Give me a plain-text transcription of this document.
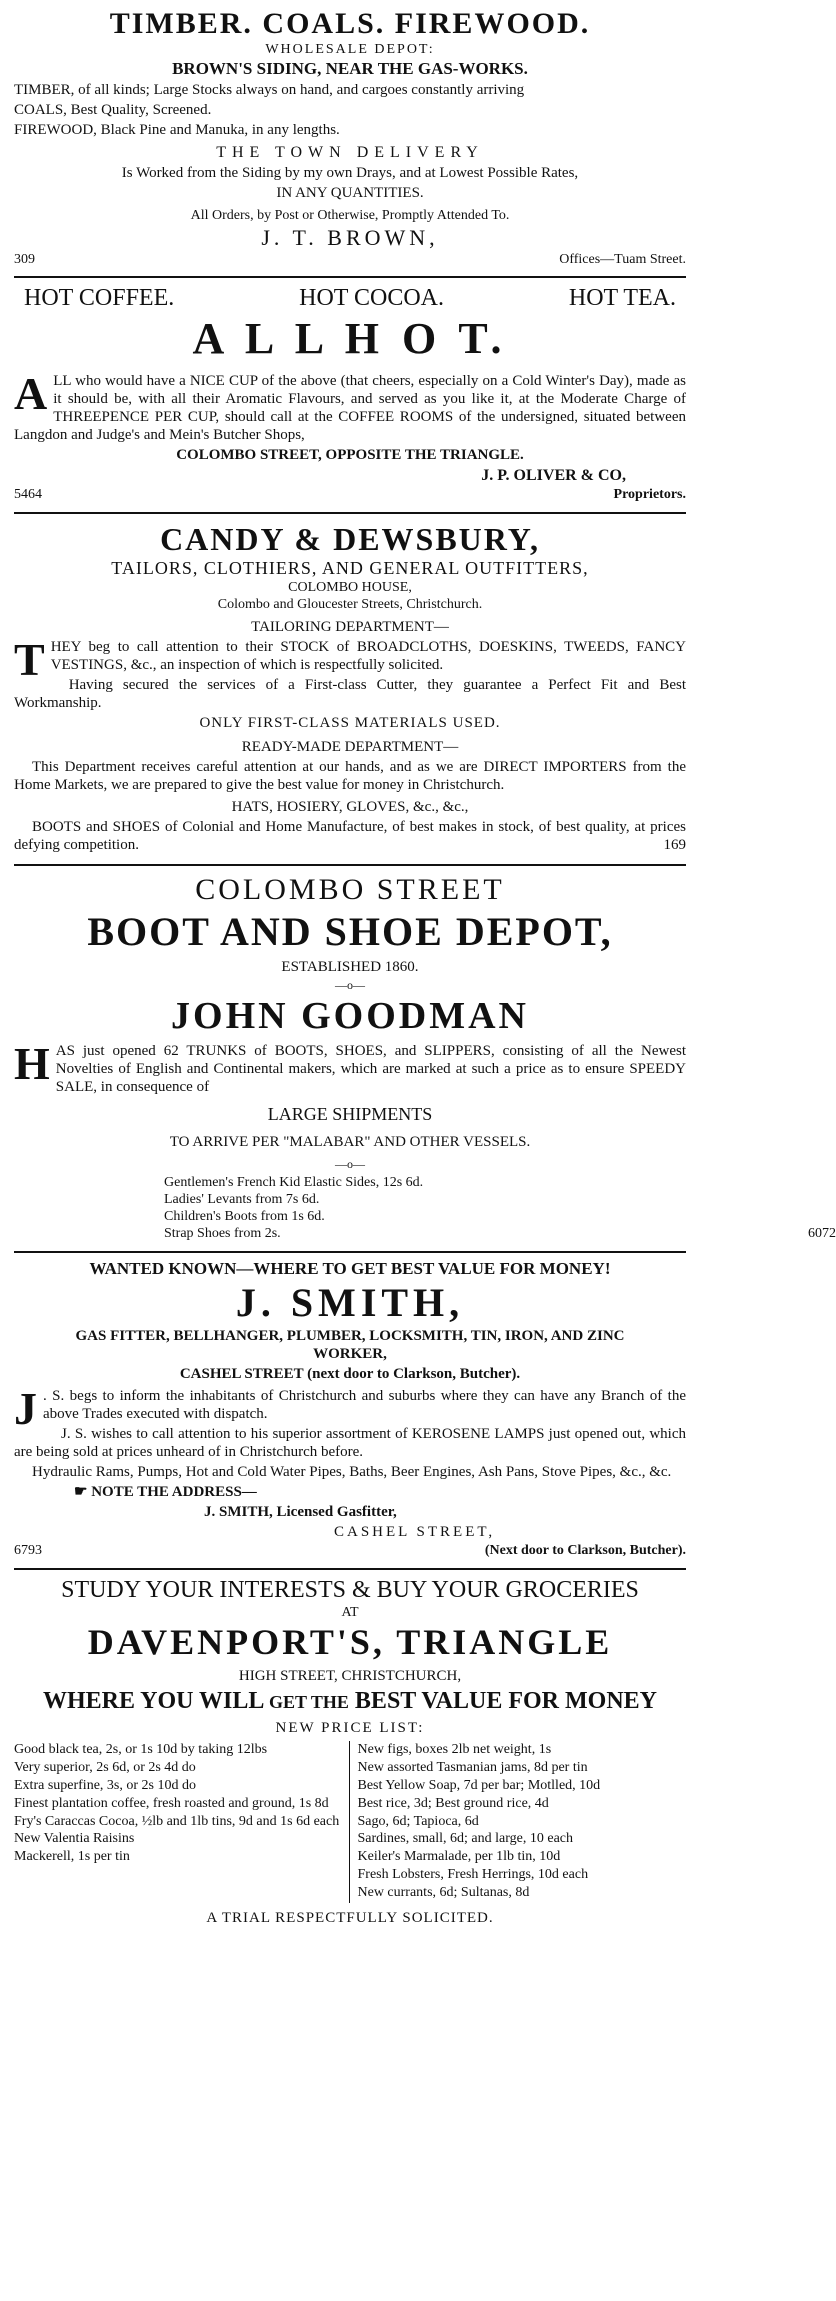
TIMBER. COALS. FIREWOOD.
WHOLESALE DEPOT:
BROWN'S SIDING, NEAR THE GAS-WORKS.
TIMBER, of all kinds; Large Stocks always on hand, and cargoes constantly arriving
COALS, Best Quality, Screened.
FIREWOOD, Black Pine and Manuka, in any lengths.
THE TOWN DELIVERY
Is Worked from the Siding by my own Drays, and at Lowest Possible Rates,
IN ANY QUANTITIES.
All Orders, by Post or Otherwise, Promptly Attended To.
J. T. BROWN,
309	Offices—Tuam Street.
HOT COFFEE.	HOT COCOA.	HOT TEA.
A L L H O T.
ALL who would have a NICE CUP of the above (that cheers, especially on a Cold Winter's Day), made as it should be, with all their Aromatic Flavours, and served as you like it, at the Moderate Charge of THREEPENCE PER CUP, should call at the COFFEE ROOMS of the undersigned, situated between Langdon and Judge's and Mein's Butcher Shops,
COLOMBO STREET, OPPOSITE THE TRIANGLE.
J. P. OLIVER & CO,
5464	Proprietors.
CANDY & DEWSBURY,
TAILORS, CLOTHIERS, AND GENERAL OUTFITTERS,
COLOMBO HOUSE,
Colombo and Gloucester Streets, Christchurch.
TAILORING DEPARTMENT—
THEY beg to call attention to their STOCK of BROADCLOTHS, DOESKINS, TWEEDS, FANCY VESTINGS, &c., an inspection of which is respectfully solicited.
Having secured the services of a First-class Cutter, they guarantee a Perfect Fit and Best Workmanship.
ONLY FIRST-CLASS MATERIALS USED.
READY-MADE DEPARTMENT—
This Department receives careful attention at our hands, and as we are DIRECT IMPORTERS from the Home Markets, we are prepared to give the best value for money in Christchurch.
HATS, HOSIERY, GLOVES, &c., &c.,
BOOTS and SHOES of Colonial and Home Manufacture, of best makes in stock, of best quality, at prices defying competition.	169
COLOMBO STREET
BOOT AND SHOE DEPOT,
ESTABLISHED 1860.
—o—
JOHN GOODMAN
HAS just opened 62 TRUNKS of BOOTS, SHOES, and SLIPPERS, consisting of all the Newest Novelties of English and Continental makers, which are marked at such a price as to ensure SPEEDY SALE, in consequence of
LARGE SHIPMENTS
TO ARRIVE PER "MALABAR" AND OTHER VESSELS.
—o—
Gentlemen's French Kid Elastic Sides, 12s 6d.
Ladies' Levants from 7s 6d.
Children's Boots from 1s 6d.
Strap Shoes from 2s.	6072
WANTED KNOWN—WHERE TO GET BEST VALUE FOR MONEY!
J. SMITH,
GAS FITTER, BELLHANGER, PLUMBER, LOCKSMITH, TIN, IRON, AND ZINC WORKER,
CASHEL STREET (next door to Clarkson, Butcher).
J . S. begs to inform the inhabitants of Christchurch and suburbs where they can have any Branch of the above Trades executed with dispatch.
J. S. wishes to call attention to his superior assortment of KEROSENE LAMPS just opened out, which are being sold at prices unheard of in Christchurch before.
Hydraulic Rams, Pumps, Hot and Cold Water Pipes, Baths, Beer Engines, Ash Pans, Stove Pipes, &c., &c.
☛ NOTE THE ADDRESS—
J. SMITH, Licensed Gasfitter,
CASHEL STREET,
6793	(Next door to Clarkson, Butcher).
STUDY YOUR INTERESTS & BUY YOUR GROCERIES
AT
DAVENPORT'S, TRIANGLE
HIGH STREET, CHRISTCHURCH,
WHERE YOU WILL GET THE BEST VALUE FOR MONEY
NEW PRICE LIST:
Good black tea, 2s, or 1s 10d by taking 12lbs
Very superior, 2s 6d, or 2s 4d do
Extra superfine, 3s, or 2s 10d do
Finest plantation coffee, fresh roasted and ground, 1s 8d
Fry's Caraccas Cocoa, ½lb and 1lb tins, 9d and 1s 6d each
New Valentia Raisins
Mackerell, 1s per tin
New figs, boxes 2lb net weight, 1s
New assorted Tasmanian jams, 8d per tin
Best Yellow Soap, 7d per bar; Motlled, 10d
Best rice, 3d; Best ground rice, 4d
Sago, 6d; Tapioca, 6d
Sardines, small, 6d; and large, 10 each
Keiler's Marmalade, per 1lb tin, 10d
Fresh Lobsters, Fresh Herrings, 10d each
New currants, 6d; Sultanas, 8d
A TRIAL RESPECTFULLY SOLICITED.
